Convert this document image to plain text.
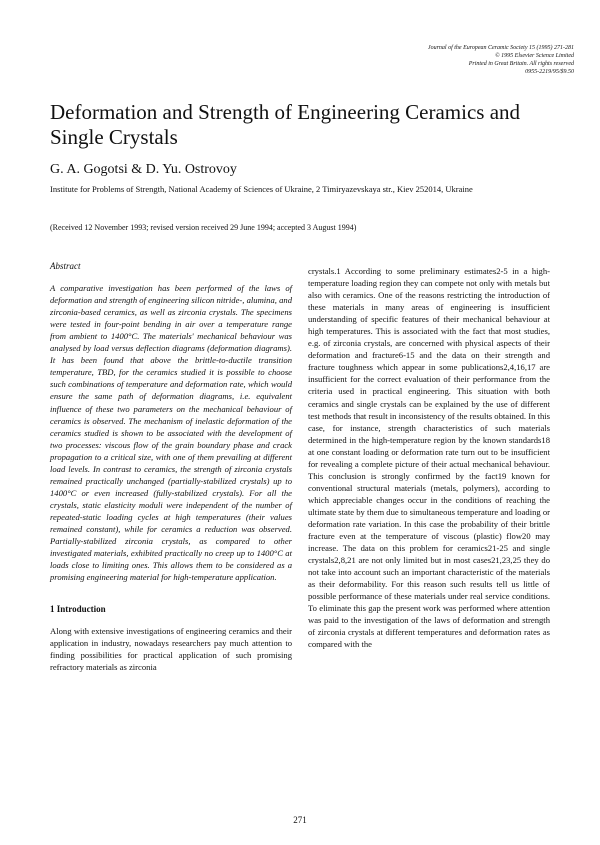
Journal of the European Ceramic Society 15 (1995) 271-281
© 1995 Elsevier Science Limited
Printed in Great Britain. All rights reserved
0955-2219/95/$9.50
Deformation and Strength of Engineering Ceramics and Single Crystals
G. A. Gogotsi & D. Yu. Ostrovoy
Institute for Problems of Strength, National Academy of Sciences of Ukraine, 2 Timiryazevskaya str., Kiev 252014, Ukraine
(Received 12 November 1993; revised version received 29 June 1994; accepted 3 August 1994)

Abstract

A comparative investigation has been performed of the laws of deformation and strength of engineering silicon nitride-, alumina, and zirconia-based ceramics, as well as zirconia crystals. The specimens were tested in four-point bending in air over a temperature range from ambient to 1400°C. The materials' mechanical behaviour was analysed by load versus deflection diagrams (deformation diagrams). It has been found that above the brittle-to-ductile transition temperature, TBD, for the ceramics studied it is possible to choose such combinations of temperature and deformation rate, which would ensure the same path of deformation diagrams, i.e. equivalent influence of these two parameters on the mechanical behaviour of ceramics is observed. The mechanism of inelastic deformation of the ceramics studied is shown to be associated with the development of two processes: viscous flow of the grain boundary phase and crack propagation to a critical size, with one of them prevailing at different load levels. In contrast to ceramics, the strength of zirconia crystals remained practically unchanged (partially-stabilized crystals) up to 1400°C or even increased (fully-stabilized crystals). For all the crystals, static elasticity moduli were independent of the number of repeated-static loading cycles at high temperatures (their values remained constant), while for ceramics a reduction was observed. Partially-stabilized zirconia crystals, as compared to other investigated materials, exhibited practically no creep up to 1400°C at loads close to limiting ones. This allows them to be considered as a promising engineering material for high-temperature application.

1 Introduction

Along with extensive investigations of engineering ceramics and their application in industry, nowadays researchers pay much attention to finding possibilities for practical application of such promising refractory materials as zirconia

crystals.1 According to some preliminary estimates2-5 in a high-temperature loading region they can compete not only with metals but also with ceramics. One of the reasons restricting the introduction of these materials in many areas of engineering is insufficient understanding of specific features of their mechanical behaviour at high temperatures. This is associated with the fact that most studies, e.g. of zirconia crystals, are concerned with physical aspects of their deformation and fracture6-15 and the data on their strength and fracture toughness which appear in some publications2,4,16,17 are insufficient for the correct evaluation of their performance from the criteria used in practical engineering. This situation with both ceramics and single crystals can be explained by the use of different test methods that result in inconsistency of the results obtained. In this case, for instance, strength characteristics of such materials determined in the high-temperature region by the known standards18 at one constant loading or deformation rate turn out to be insufficient for revealing a complete picture of their actual mechanical behaviour. This conclusion is strongly confirmed by the fact19 known for conventional structural materials (metals, polymers), according to which appreciable changes occur in the conditions of reaching the ultimate state by them due to simultaneous temperature and loading or deformation rate variation. In this case the probability of their brittle fracture even at the temperature of viscous (plastic) flow20 may increase. The data on this problem for ceramics21-25 and single crystals2,8,21 are not only limited but in most cases21,23,25 they do not take into account such an important characteristic of the materials as their deformability. For this reason such results tell us little of possible performance of these materials under real service conditions. To eliminate this gap the present work was performed where attention was paid to the investigation of the laws of deformation and strength of zirconia crystals at different temperatures and deformation rates as compared with the

271
